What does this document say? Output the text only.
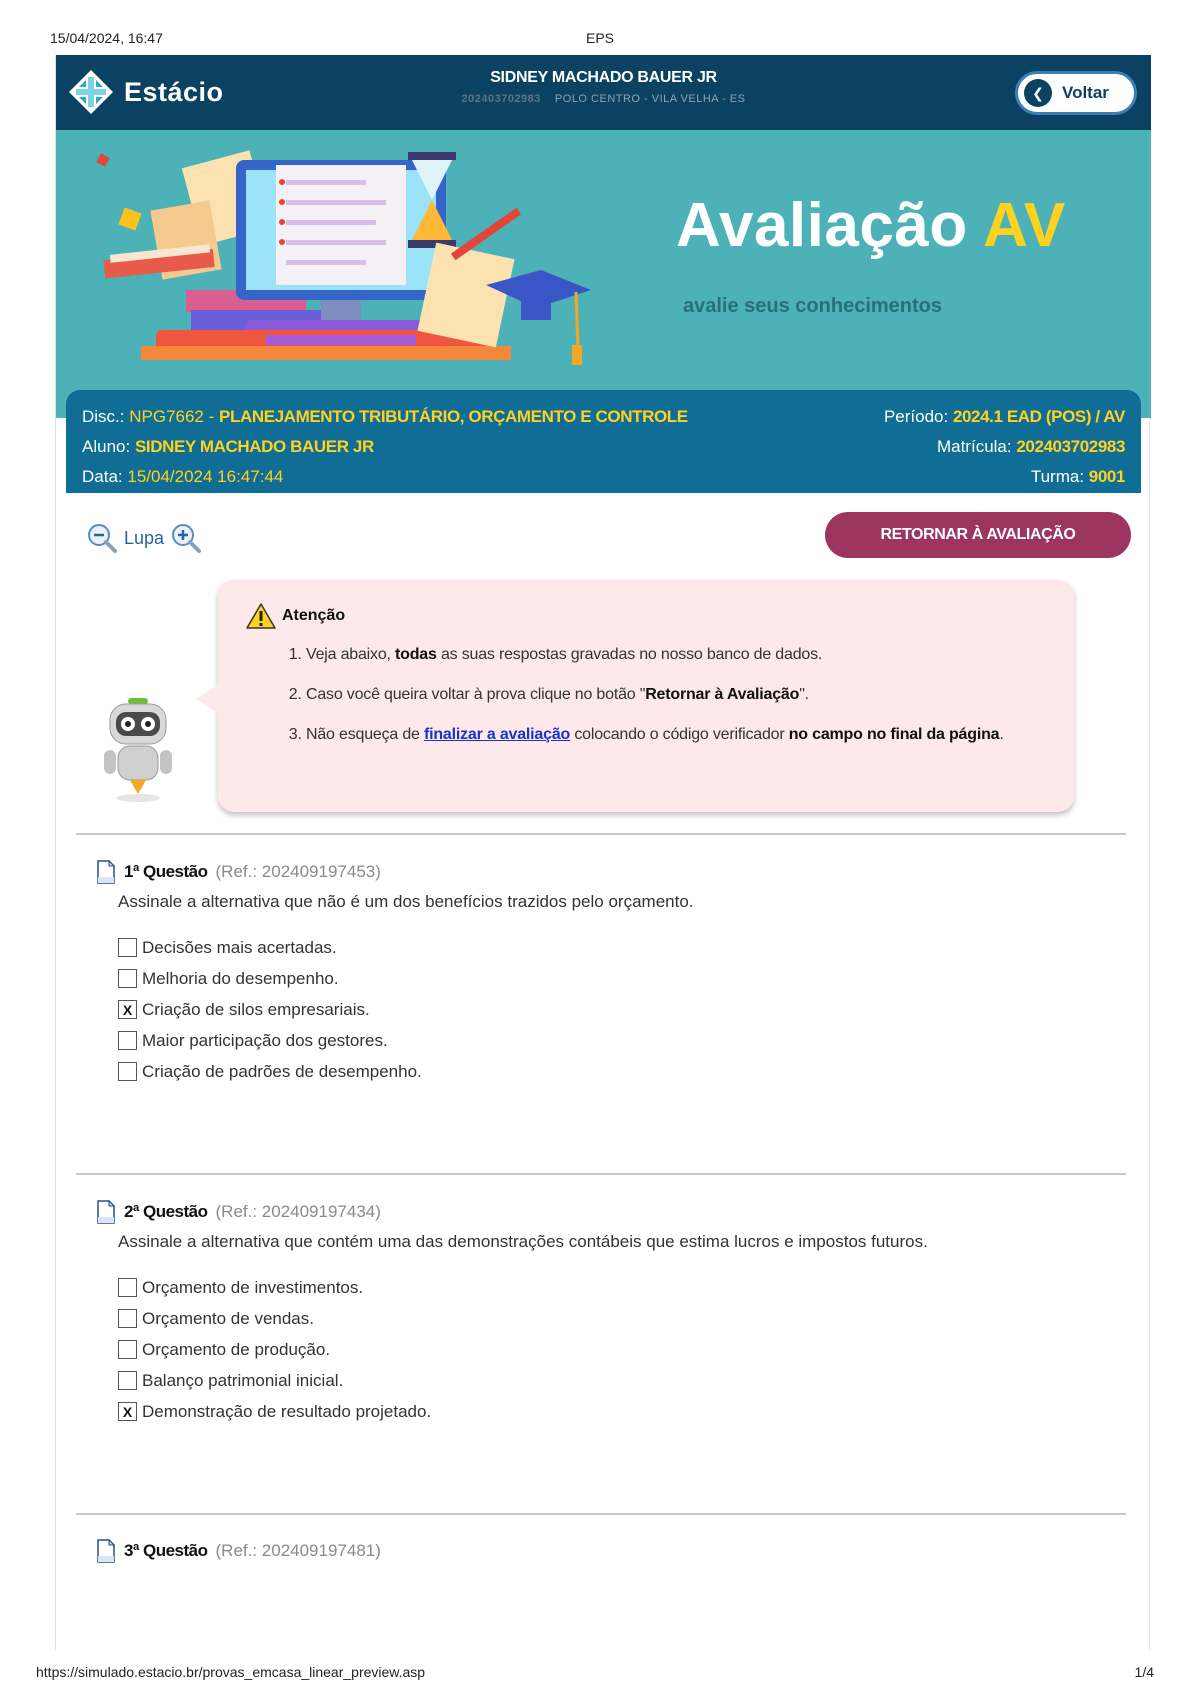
15/04/2024, 16:47	EPS
Estácio	SIDNEY MACHADO BAUER JR
202403702983 POLO CENTRO - VILA VELHA - ES	❮	Voltar
Avaliação AV
avalie seus conhecimentos
Disc.: NPG7662 - PLANEJAMENTO TRIBUTÁRIO, ORÇAMENTO E CONTROLE	Período: 2024.1 EAD (POS) / AV
Aluno: SIDNEY MACHADO BAUER JR	Matrícula: 202403702983
Data: 15/04/2024 16:47:44	Turma: 9001
Lupa	RETORNAR À AVALIAÇÃO
Atenção
1. Veja abaixo, todas as suas respostas gravadas no nosso banco de dados.
2. Caso você queira voltar à prova clique no botão "Retornar à Avaliação".
3. Não esqueça de finalizar a avaliação colocando o código verificador no campo no final da página.
1ª Questão (Ref.: 202409197453)
Assinale a alternativa que não é um dos benefícios trazidos pelo orçamento.
Decisões mais acertadas.
Melhoria do desempenho.
X Criação de silos empresariais.
Maior participação dos gestores.
Criação de padrões de desempenho.
2ª Questão (Ref.: 202409197434)
Assinale a alternativa que contém uma das demonstrações contábeis que estima lucros e impostos futuros.
Orçamento de investimentos.
Orçamento de vendas.
Orçamento de produção.
Balanço patrimonial inicial.
X Demonstração de resultado projetado.
3ª Questão (Ref.: 202409197481)
https://simulado.estacio.br/provas_emcasa_linear_preview.asp	1/4
